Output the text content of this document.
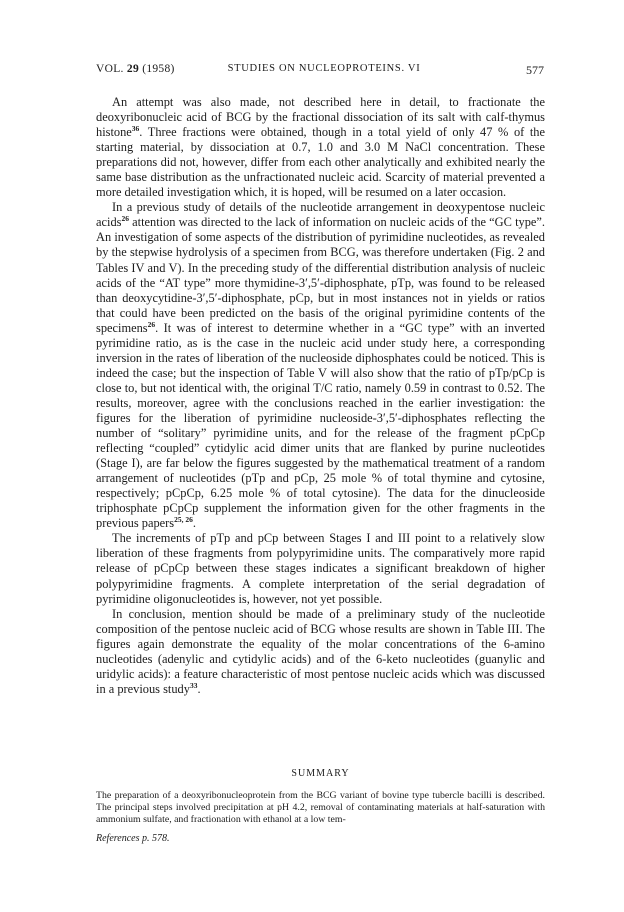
VOL. 29 (1958)	STUDIES ON NUCLEOPROTEINS. VI	577

An attempt was also made, not described here in detail, to fractionate the deoxyribonucleic acid of BCG by the fractional dissociation of its salt with calf-thymus histone$^{36}$. Three fractions were obtained, though in a total yield of only 47 % of the starting material, by dissociation at 0.7, 1.0 and 3.0 M NaCl concentration. These preparations did not, however, differ from each other analytically and exhibited nearly the same base distribution as the unfractionated nucleic acid. Scarcity of material prevented a more detailed investigation which, it is hoped, will be resumed on a later occasion.

In a previous study of details of the nucleotide arrangement in deoxypentose nucleic acids$^{26}$ attention was directed to the lack of information on nucleic acids of the “GC type”. An investigation of some aspects of the distribution of pyrimidine nucleotides, as revealed by the stepwise hydrolysis of a specimen from BCG, was therefore undertaken (Fig. 2 and Tables IV and V). In the preceding study of the differential distribution analysis of nucleic acids of the “AT type” more thymidine-3′,5′-diphosphate, pTp, was found to be released than deoxycytidine-3′,5′-diphosphate, pCp, but in most instances not in yields or ratios that could have been predicted on the basis of the original pyrimidine contents of the specimens$^{26}$. It was of interest to determine whether in a “GC type” with an inverted pyrimidine ratio, as is the case in the nucleic acid under study here, a corresponding inversion in the rates of liberation of the nucleoside diphosphates could be noticed. This is indeed the case; but the inspection of Table V will also show that the ratio of pTp/pCp is close to, but not identical with, the original T/C ratio, namely 0.59 in contrast to 0.52. The results, moreover, agree with the conclusions reached in the earlier investigation: the figures for the liberation of pyrimidine nucleoside-3′,5′-diphosphates reflecting the number of “solitary” pyrimidine units, and for the release of the fragment pCpCp reflecting “coupled” cytidylic acid dimer units that are flanked by purine nucleotides (Stage I), are far below the figures suggested by the mathematical treatment of a random arrangement of nucleotides (pTp and pCp, 25 mole % of total thymine and cytosine, respectively; pCpCp, 6.25 mole % of total cytosine). The data for the dinucleoside triphosphate pCpCp supplement the information given for the other fragments in the previous papers$^{25, 26}$.

The increments of pTp and pCp between Stages I and III point to a relatively slow liberation of these fragments from polypyrimidine units. The comparatively more rapid release of pCpCp between these stages indicates a significant breakdown of higher polypyrimidine fragments. A complete interpretation of the serial degradation of pyrimidine oligonucleotides is, however, not yet possible.

In conclusion, mention should be made of a preliminary study of the nucleotide composition of the pentose nucleic acid of BCG whose results are shown in Table III. The figures again demonstrate the equality of the molar concentrations of the 6-amino nucleotides (adenylic and cytidylic acids) and of the 6-keto nucleotides (guanylic and uridylic acids): a feature characteristic of most pentose nucleic acids which was discussed in a previous study$^{33}$.

SUMMARY
The preparation of a deoxyribonucleoprotein from the BCG variant of bovine type tubercle bacilli is described. The principal steps involved precipitation at pH 4.2, removal of contaminating materials at half-saturation with ammonium sulfate, and fractionation with ethanol at a low tem-
References p. 578.
